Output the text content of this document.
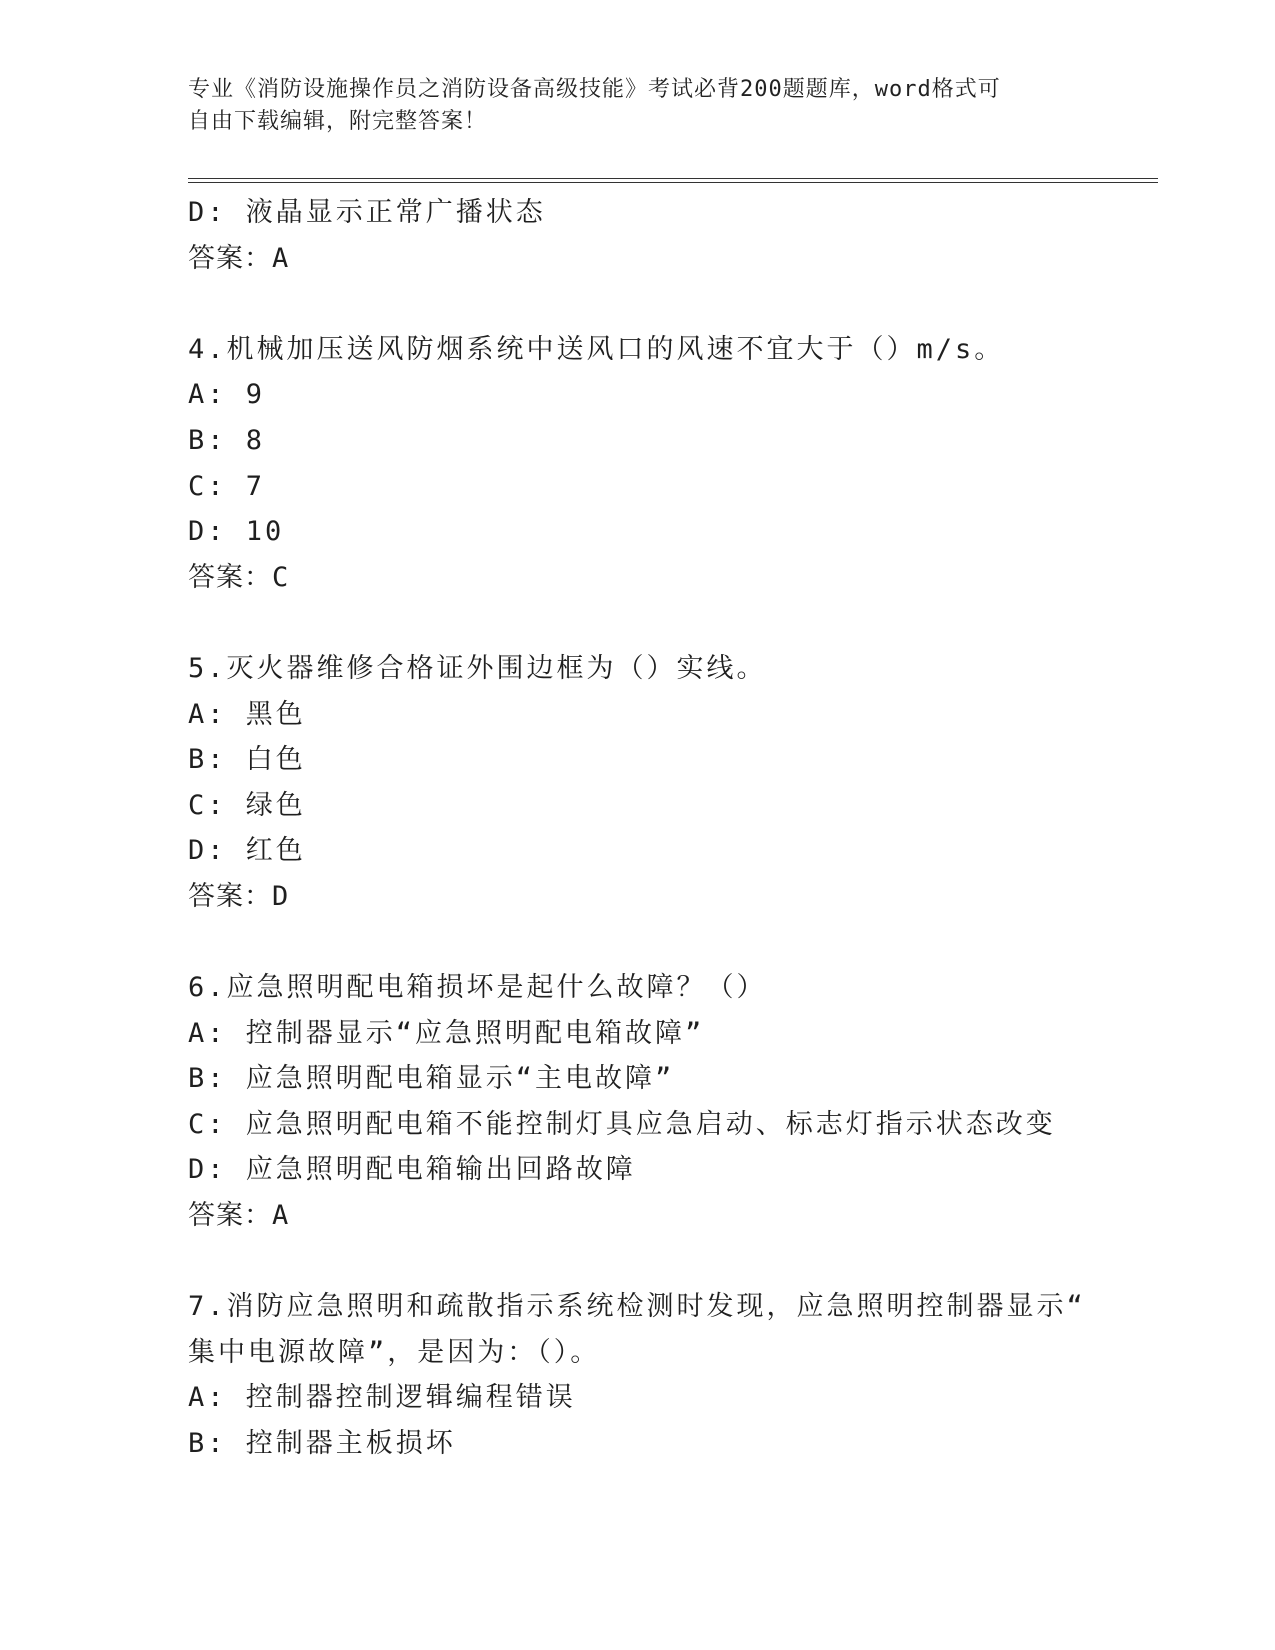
专业《消防设施操作员之消防设备高级技能》考试必背200题题库，word格式可
自由下载编辑，附完整答案！
D: 液晶显示正常广播状态
答案：A
4.机械加压送风防烟系统中送风口的风速不宜大于（）m/s。
A: 9
B: 8
C: 7
D: 10
答案：C
5.灭火器维修合格证外围边框为（）实线。
A: 黑色
B: 白色
C: 绿色
D: 红色
答案：D
6.应急照明配电箱损坏是起什么故障？（）
A: 控制器显示“应急照明配电箱故障”
B: 应急照明配电箱显示“主电故障”
C: 应急照明配电箱不能控制灯具应急启动、标志灯指示状态改变
D: 应急照明配电箱输出回路故障
答案：A
7.消防应急照明和疏散指示系统检测时发现，应急照明控制器显示“
集中电源故障”，是因为：（）。
A: 控制器控制逻辑编程错误
B: 控制器主板损坏
